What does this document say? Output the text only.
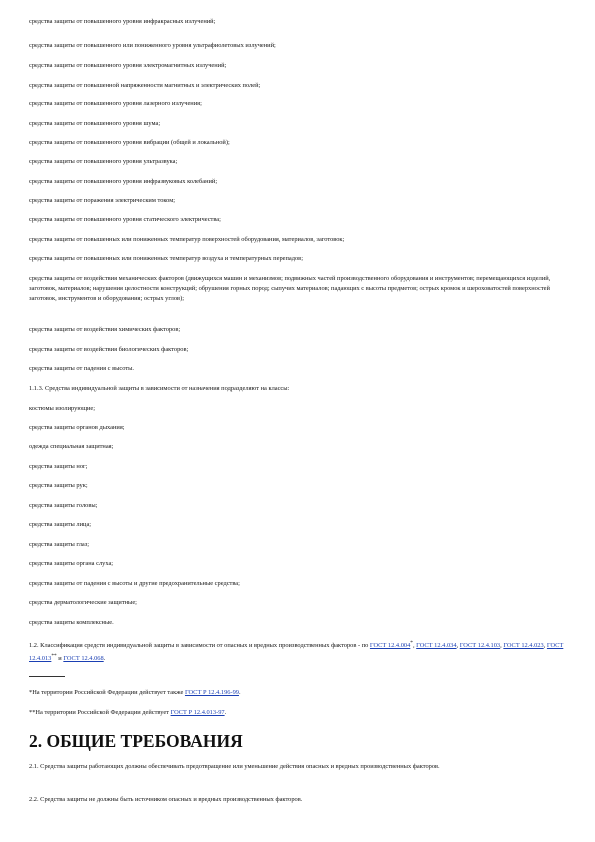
средства защиты от повышенного уровня инфракрасных излучений;

средства защиты от повышенного или пониженного уровня ультрафиолетовых излучений;

средства защиты от повышенного уровня электромагнитных излучений;

средства защиты от повышенной напряженности магнитных и электрических полей;

средства защиты от повышенного уровня лазерного излучения;

средства защиты от повышенного уровня шума;

средства защиты от повышенного уровня вибрации (общей и локальной);

средства защиты от повышенного уровня ультразвука;

средства защиты от повышенного уровня инфразвуковых колебаний;

средства защиты от поражения электрическим током;

средства защиты от повышенного уровня статического электричества;

средства защиты от повышенных или пониженных температур поверхностей оборудования, материалов, заготовок;

средства защиты от повышенных или пониженных температур воздуха и температурных перепадов;

средства защиты от воздействия механических факторов (движущихся машин и механизмов; подвижных частей производственного оборудования и инструментов; перемещающихся изделий, заготовок, материалов; нарушения целостности конструкций; обрушения горных пород; сыпучих материалов; падающих с высоты предметов; острых кромок и шероховатостей поверхностей заготовок, инструментов и оборудования; острых углов);

средства защиты от воздействия химических факторов;

средства защиты от воздействия биологических факторов;

средства защиты от падения с высоты.

1.1.3. Средства индивидуальной защиты в зависимости от назначения подразделяют на классы:

костюмы изолирующие;

средства защиты органов дыхания;

одежда специальная защитная;

средства защиты ног;

средства защиты рук;

средства защиты головы;

средства защиты лица;

средства защиты глаз;

средства защиты органа слуха;

средства защиты от падения с высоты и другие предохранительные средства;

средства дерматологические защитные;

средства защиты комплексные.

1.2. Классификация средств индивидуальной защиты в зависимости от опасных и вредных производственных факторов - по ГОСТ 12.4.004*, ГОСТ 12.4.034, ГОСТ 12.4.103, ГОСТ 12.4.023, ГОСТ 12.4.013** и ГОСТ 12.4.068.

*На территории Российской Федерации действует также ГОСТ Р 12.4.196-99.

**На территории Российской Федерации действует ГОСТ Р 12.4.013-97.

2. ОБЩИЕ ТРЕБОВАНИЯ

2.1. Средства защиты работающих должны обеспечивать предотвращение или уменьшение действия опасных и вредных производственных факторов.

2.2. Средства защиты не должны быть источником опасных и вредных производственных факторов.
